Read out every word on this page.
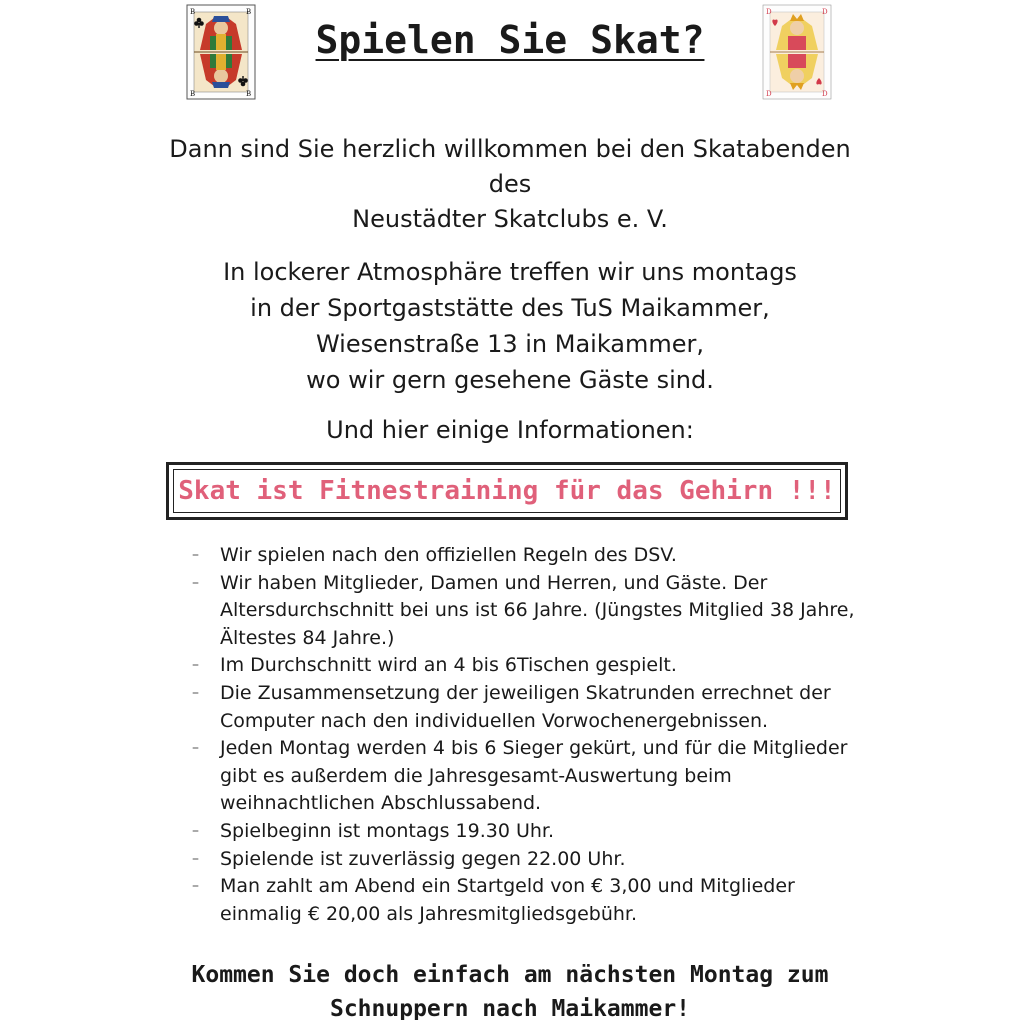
B	B
B	B
Spielen Sie Skat?
D	D
D	D

Dann sind Sie herzlich willkommen bei den Skatabenden

des

Neustädter Skatclubs e. V.

In lockerer Atmosphäre treffen wir uns montags

in der Sportgaststätte des TuS Maikammer,

Wiesenstraße 13 in Maikammer,

wo wir gern gesehene Gäste sind.

Und hier einige Informationen:

Skat ist Fitnestraining für das Gehirn !!!
– Wir spielen nach den offiziellen Regeln des DSV.
– Wir haben Mitglieder, Damen und Herren, und Gäste. Der Altersdurchschnitt bei uns ist 66 Jahre. (Jüngstes Mitglied 38 Jahre, Ältestes 84 Jahre.)
– Im Durchschnitt wird an 4 bis 6Tischen gespielt.
– Die Zusammensetzung der jeweiligen Skatrunden errechnet der Computer nach den individuellen Vorwochenergebnissen.
– Jeden Montag werden 4 bis 6 Sieger gekürt, und für die Mitglieder gibt es außerdem die Jahresgesamt-Auswertung beim weihnachtlichen Abschlussabend.
– Spielbeginn ist montags 19.30 Uhr.
– Spielende ist zuverlässig gegen 22.00 Uhr.
– Man zahlt am Abend ein Startgeld von € 3,00 und Mitglieder einmalig € 20,00 als Jahresmitgliedsgebühr.

Kommen Sie doch einfach am nächsten Montag zum

Schnuppern nach Maikammer!
